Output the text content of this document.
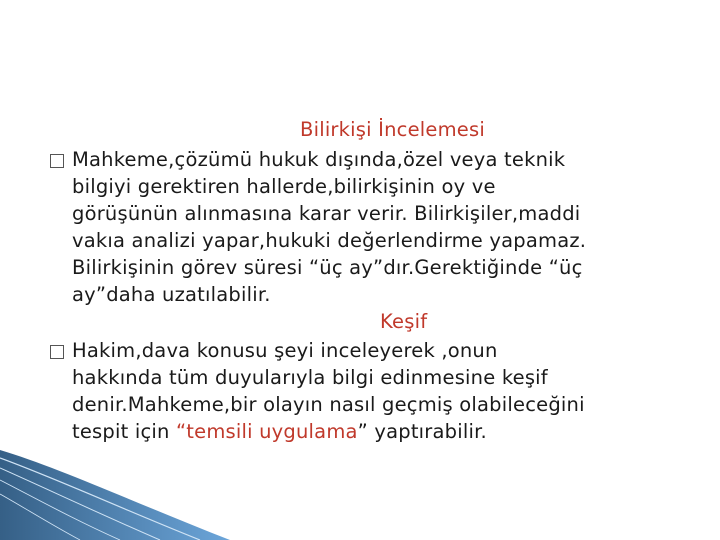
Bilirkişi İncelemesi
Mahkeme,çözümü hukuk dışında,özel veya teknik
bilgiyi gerektiren hallerde,bilirkişinin oy ve
görüşünün alınmasına karar verir. Bilirkişiler,maddi
vakıa analizi yapar,hukuki değerlendirme yapamaz.
Bilirkişinin görev süresi “üç ay”dır.Gerektiğinde “üç
ay”daha uzatılabilir.
Keşif
Hakim,dava konusu şeyi inceleyerek ,onun
hakkında tüm duyularıyla bilgi edinmesine keşif
denir.Mahkeme,bir olayın nasıl geçmiş olabileceğini
tespit için “temsili uygulama” yaptırabilir.
